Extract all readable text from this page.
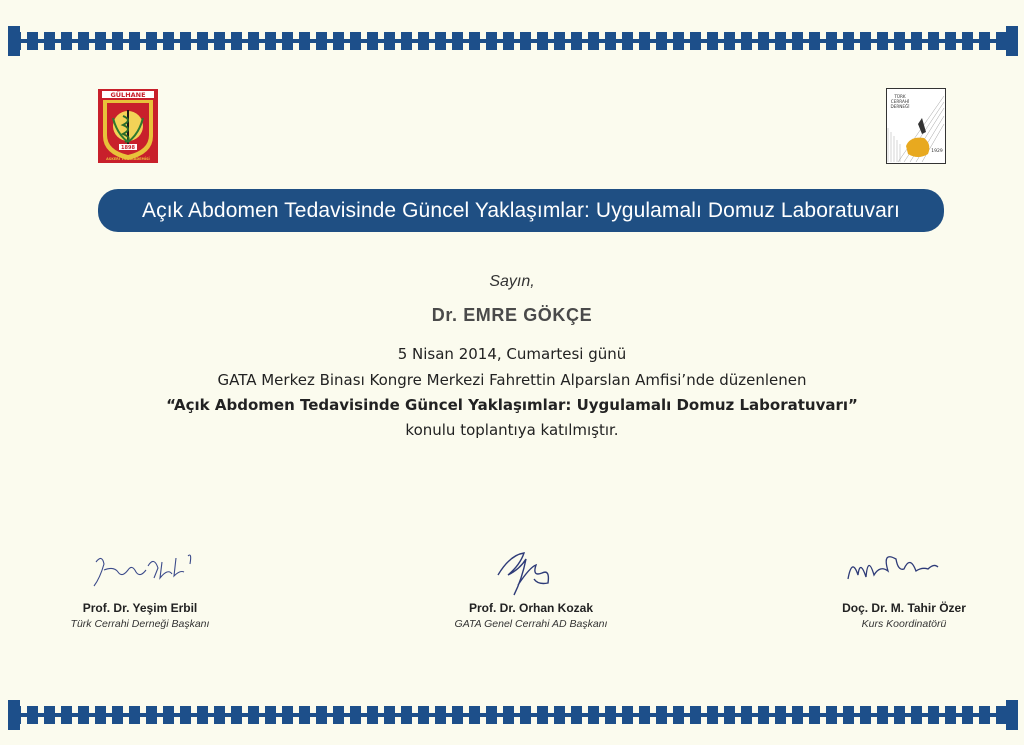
GÜLHANE
1898
ASKERİ TIP AKADEMİSİ
TÜRK
CERRAHİ
DERNEĞİ
1929
Açık Abdomen Tedavisinde Güncel Yaklaşımlar: Uygulamalı Domuz Laboratuvarı
Sayın,
Dr. EMRE GÖKÇE
5 Nisan 2014, Cumartesi günü
GATA Merkez Binası Kongre Merkezi Fahrettin Alparslan Amfisi’nde düzenlenen
“Açık Abdomen Tedavisinde Güncel Yaklaşımlar: Uygulamalı Domuz Laboratuvarı”
konulu toplantıya katılmıştır.
Prof. Dr. Yeşim Erbil
Türk Cerrahi Derneği Başkanı
Prof. Dr. Orhan Kozak
GATA Genel Cerrahi AD Başkanı
Doç. Dr. M. Tahir Özer
Kurs Koordinatörü
